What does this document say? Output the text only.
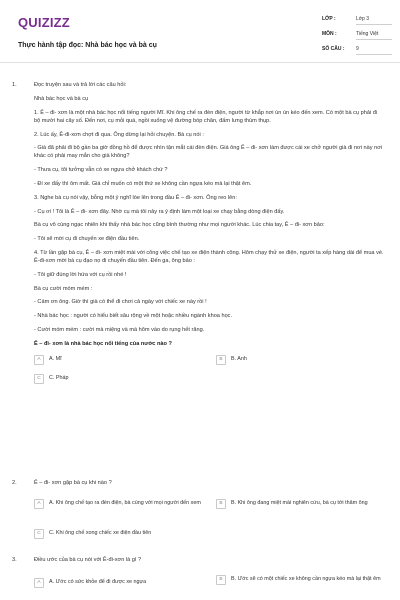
QUIZIZZ
Thực hành tập đọc: Nhà bác học và bà cụ
LỚP :	Lớp 3
MÔN :	Tiếng Việt
SỐ CÂU : 9
1.	Đọc truyện sau và trả lời các câu hỏi:
Nhà bác học và bà cụ
1. Ê – đi- xơn là một nhà bác học nổi tiếng người Mĩ. Khi ông chế ra đèn điện, người từ khắp nơi ùn ùn kéo đến xem. Có một bà cụ phải đi bộ mười hai cây số. Đến nơi, cụ mỏi quá, ngồi xuống vệ đường bóp chân, đấm lưng thùm thụp.
2. Lúc ấy, Ê-đi-xơn chợt đi qua. Ông dừng lại hỏi chuyện. Bà cụ nói :
- Già đã phải đi bộ gần ba giờ đồng hồ để được nhìn tận mắt cái đèn điện. Giá ông Ê – đi- xơn làm được cái xe chở người già đi nơi này nơi khác có phải may mắn cho già không?
- Thưa cụ, tôi tưởng vẫn có xe ngựa chở khách chứ ?
- Đi xe đấy thì ôm mất. Giá chỉ muốn có một thứ xe không cần ngựa kéo mà lại thật êm.
3. Nghe bà cụ nói vậy, bỗng một ý nghĩ lóe lên trong đầu Ê – đi- xơn. Ông reo lên:
- Cụ ơi ! Tôi là Ê – đi- xơn đây. Nhờ cụ mà tôi nảy ra ý định làm một loại xe chạy bằng dòng điện đấy.
Bà cụ vô cùng ngạc nhiên khi thấy nhà bác học cũng bình thường như mọi người khác. Lúc chia tay, Ê – đi- xơn bảo:
- Tôi sẽ mời cụ đi chuyến xe điện đầu tiên.
4. Từ lần gặp bà cụ, Ê – đi- xơn miệt mài với công việc chế tạo xe điện thành công. Hôm chạy thử xe điện, người ta xếp hàng dài để mua vé. Ê-đi-xơn mời bà cụ đạo nọ đi chuyến đầu tiên. Đến ga, ông bảo :
- Tôi giữ đúng lời hứa với cụ rồi nhé !
Bà cụ cười móm mém :
- Cảm ơn ông. Giờ thì già có thể đi chơi cả ngày với chiếc xe này rồi !
- Nhà bác học : người có hiểu biết sâu rộng về một hoặc nhiều ngành khoa học.
- Cười móm mém : cười mà miệng và má hõm vào do rụng hết răng.
Ê – đi- xơn là nhà bác học nổi tiếng của nước nào ?
A	A. Mĩ	B	B. Anh
C	C. Pháp
2.	Ê – đi- xơn gặp bà cụ khi nào ?
A	A. Khi ông chế tạo ra đèn điện, bà cùng với mọi người đến xem	B	B. Khi ông đang miệt mài nghiên cứu, bà cụ tới thăm ông
C	C. Khi ông chế xong chiếc xe điện đầu tiên
3.	Điều ước của bà cụ nói với Ê-đi-xơn là gì ?
A	A. Ước có sức khỏe để đi được xe ngựa	B	B. Ước sẽ có một chiếc xe không cần ngựa kéo mà lại thật êm
